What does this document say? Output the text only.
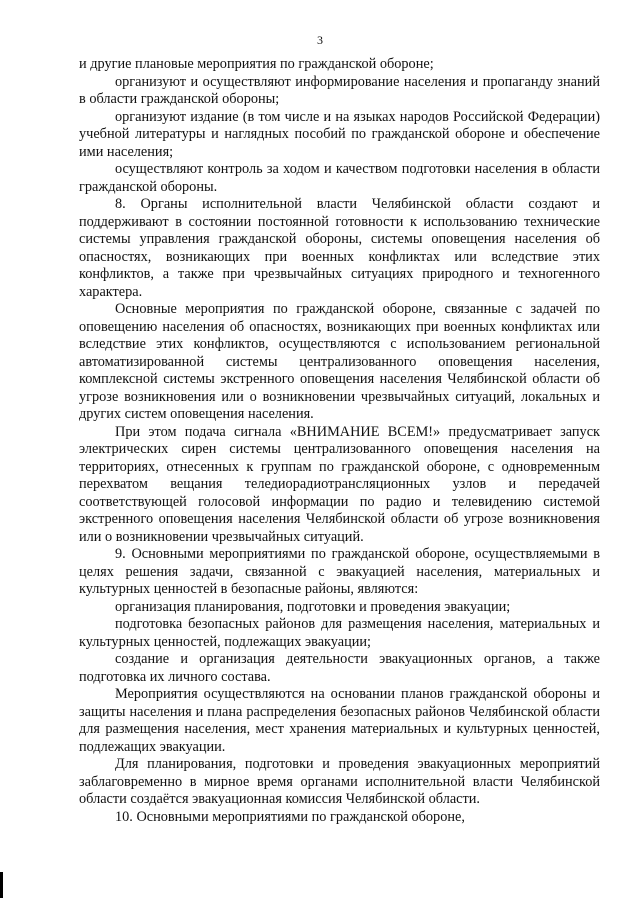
3

и другие плановые мероприятия по гражданской обороне;

организуют и осуществляют информирование населения и пропаганду знаний в области гражданской обороны;

организуют издание (в том числе и на языках народов Российской Федерации) учебной литературы и наглядных пособий по гражданской обороне и обеспечение ими населения;

осуществляют контроль за ходом и качеством подготовки населения в области гражданской обороны.

8. Органы исполнительной власти Челябинской области создают и поддерживают в состоянии постоянной готовности к использованию технические системы управления гражданской обороны, системы оповещения населения об опасностях, возникающих при военных конфликтах или вследствие этих конфликтов, а также при чрезвычайных ситуациях природного и техногенного характера.

Основные мероприятия по гражданской обороне, связанные с задачей по оповещению населения об опасностях, возникающих при военных конфликтах или вследствие этих конфликтов, осуществляются с использованием региональной автоматизированной системы централизованного оповещения населения, комплексной системы экстренного оповещения населения Челябинской области об угрозе возникновения или о возникновении чрезвычайных ситуаций, локальных и других систем оповещения населения.

При этом подача сигнала «ВНИМАНИЕ ВСЕМ!» предусматривает запуск электрических сирен системы централизованного оповещения населения на территориях, отнесенных к группам по гражданской обороне, с одновременным перехватом вещания теледиорадиотрансляционных узлов и передачей соответствующей голосовой информации по радио и телевидению системой экстренного оповещения населения Челябинской области об угрозе возникновения или о возникновении чрезвычайных ситуаций.

9. Основными мероприятиями по гражданской обороне, осуществляемыми в целях решения задачи, связанной с эвакуацией населения, материальных и культурных ценностей в безопасные районы, являются:

организация планирования, подготовки и проведения эвакуации;

подготовка безопасных районов для размещения населения, материальных и культурных ценностей, подлежащих эвакуации;

создание и организация деятельности эвакуационных органов, а также подготовка их личного состава.

Мероприятия осуществляются на основании планов гражданской обороны и защиты населения и плана распределения безопасных районов Челябинской области для размещения населения, мест хранения материальных и культурных ценностей, подлежащих эвакуации.

Для планирования, подготовки и проведения эвакуационных мероприятий заблаговременно в мирное время органами исполнительной власти Челябинской области создаётся эвакуационная комиссия Челябинской области.

10. Основными мероприятиями по гражданской обороне,
